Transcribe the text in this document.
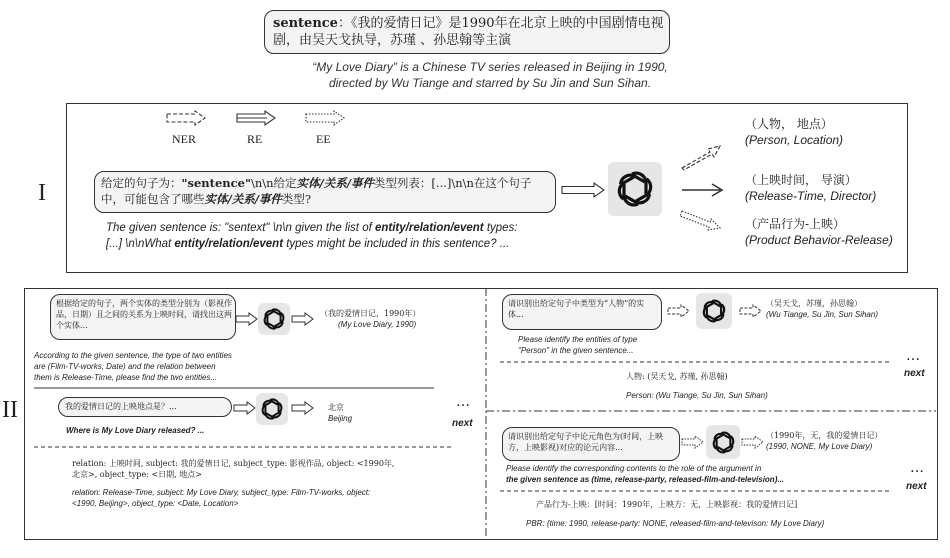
sentence：《我的爱情日记》是1990年在北京上映的中国剧情电视剧，由吴天戈执导，苏瑾 、孙思翰等主演
“My Love Diary” is a Chinese TV series released in Beijing in 1990,
directed by Wu Tiange and starred by Su Jin and Sun Sihan.
I
NER	RE	EE
给定的句子为："sentence"\n\n给定实体/关系/事件类型列表：[...]\n\n在这个句子中，可能包含了哪些实体/关系/事件类型?
The given sentence is: "sentext" \n\n given the list of entity/relation/event types:
[...] \n\nWhat entity/relation/event types might be included in this sentence? ...
（人物， 地点）
(Person, Location)
（上映时间， 导演）
(Release-Time, Director)
（产品行为-上映）
(Product Behavior-Release)
II
根据给定的句子，两个实体的类型分别为（影视作品，日期）且之间的关系为上映时间，请找出这两个实体...
（我的爱情日记，1990年）
(My Love Diary, 1990)
According to the given sentence, the type of two entities
are (Film-TV-works, Date) and the relation between
them is Release-Time, please find the two entities...
我的爱情日记的上映地点是？...	北京
Beijing
Where is My Love Diary released? ...
…
next
relation: 上映时间, subject: 我的爱情日记, subject_type: 影视作品, object: <1990年,
北京>, object_type: <日期, 地点>
relation: Release-Time, subject: My Love Diary, subject_type: Film-TV-works, object:
<1990, Beijing>, object_type: <Date, Location>
请识别出给定句子中类型为“人物”的实体...
（吴天戈，苏瑾，孙思翰）
(Wu Tiange, Su Jin, Sun Sihan)
Please identify the entities of type
"Person" in the given sentence...
人物: (吴天戈, 苏瑾, 孙思翰)
Person: (Wu Tiange, Su Jin, Sun Sihan)
…
next
请识别出给定句子中论元角色为(时间，上映方，上映影视)对应的论元内容...
（1990年，无，我的爱情日记）
(1990, NONE, My Love Diary)
Please identify the corresponding contents to the role of the argument in
the given sentence as (time, release-party, released-film-and-television)...
产品行为-上映：[时间：1990年，上映方：无，上映影视：我的爱情日记]
PBR: {time: 1990, release-party: NONE, released-film-and-televison: My Love Diary}
…
next
